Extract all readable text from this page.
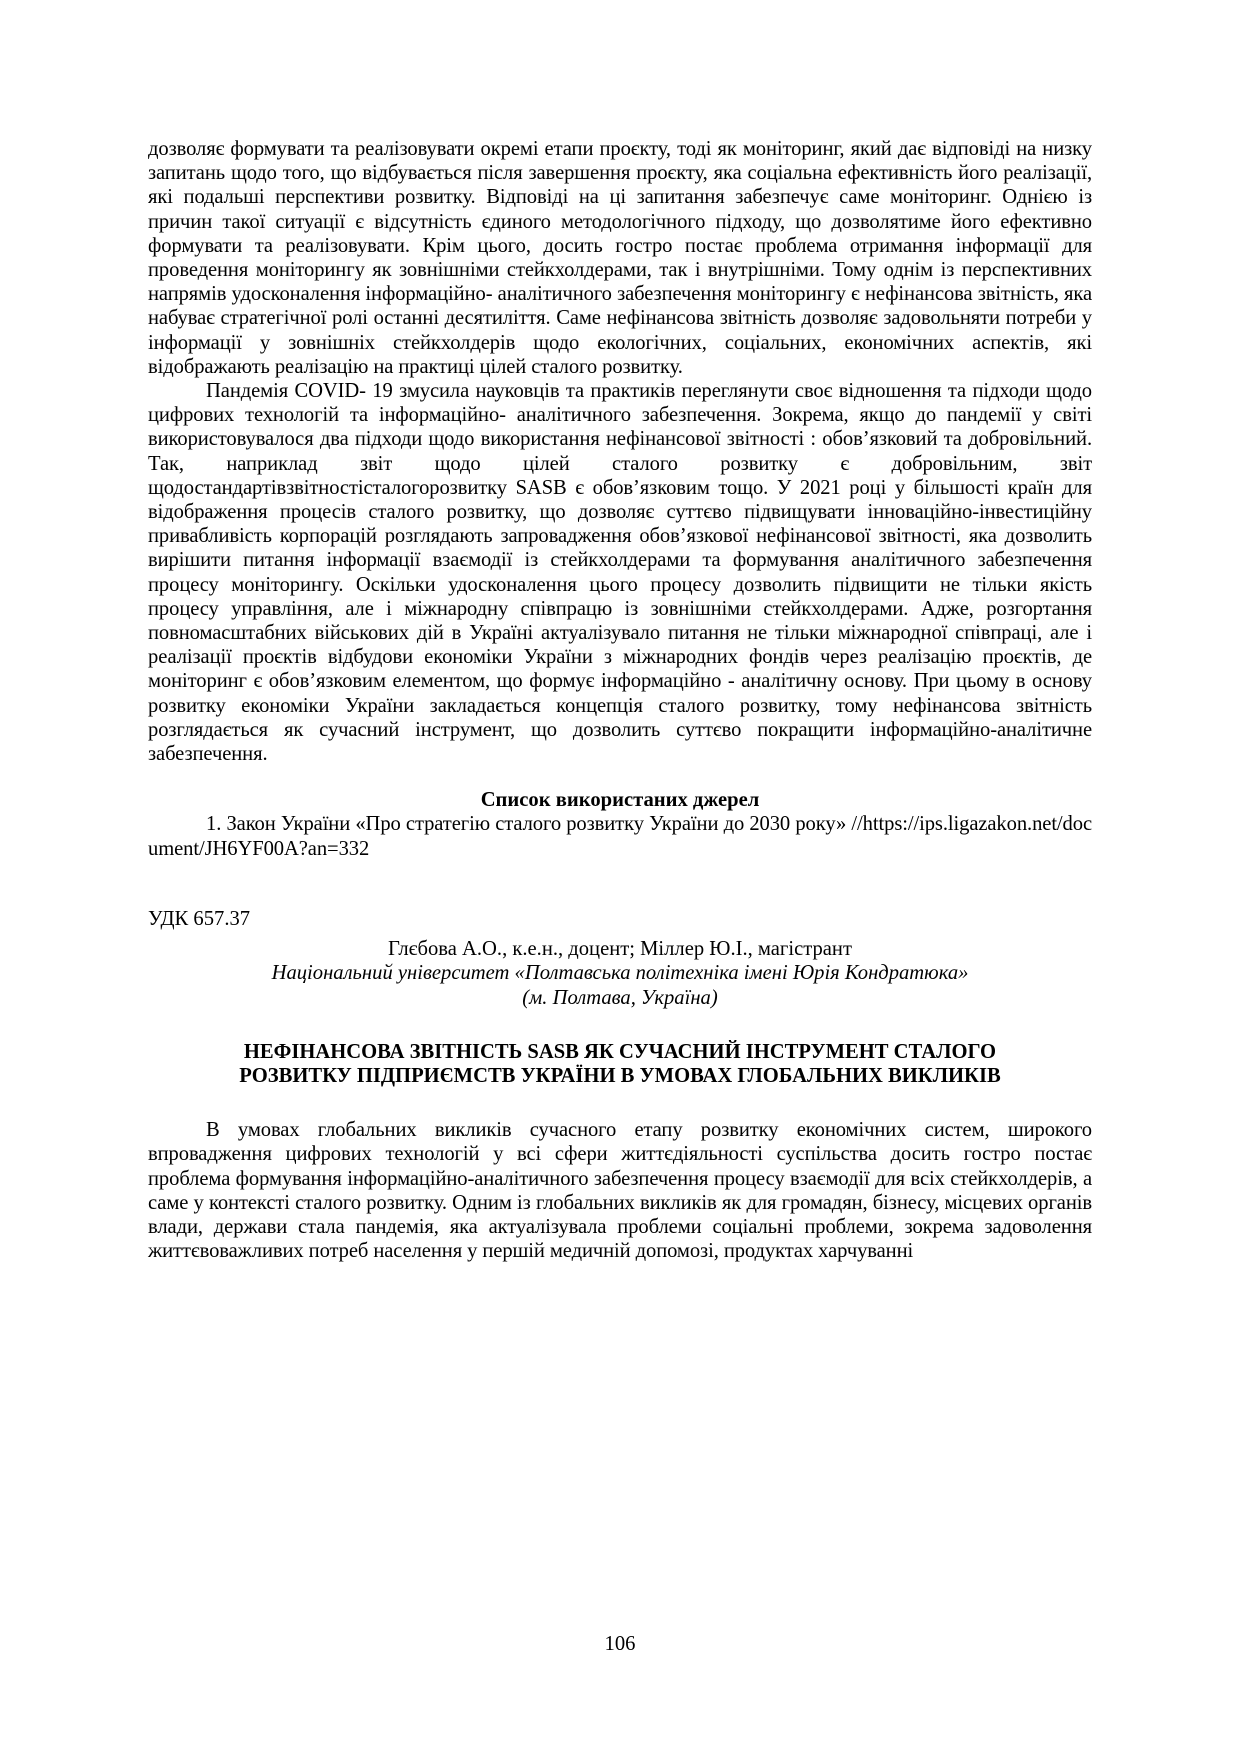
дозволяє формувати та реалізовувати окремі етапи проєкту, тоді як моніторинг, який дає відповіді на низку запитань щодо того, що відбувається після завершення проєкту, яка соціальна ефективність його реалізації, які подальші перспективи розвитку. Відповіді на ці запитання забезпечує саме моніторинг. Однією із причин такої ситуації є відсутність єдиного методологічного підходу, що дозволятиме його ефективно формувати та реалізовувати. Крім цього, досить гостро постає проблема отримання інформації для проведення моніторингу як зовнішніми стейкхолдерами, так і внутрішніми. Тому однім із перспективних напрямів удосконалення інформаційно- аналітичного забезпечення моніторингу є нефінансова звітність, яка набуває стратегічної ролі останні десятиліття. Саме нефінансова звітність дозволяє задовольняти потреби у інформації у зовнішніх стейкхолдерів щодо екологічних, соціальних, економічних аспектів, які відображають реалізацію на практиці цілей сталого розвитку.

Пандемія COVID- 19 змусила науковців та практиків переглянути своє відношення та підходи щодо цифрових технологій та інформаційно- аналітичного забезпечення. Зокрема, якщо до пандемії у світі використовувалося два підходи щодо використання нефінансової звітності : обов’язковий та добровільний. Так, наприклад звіт щодо цілей сталого розвитку є добровільним, звіт щодостандартівзвітностісталогорозвитку SASB є обов’язковим тощо. У 2021 році у більшості країн для відображення процесів сталого розвитку, що дозволяє суттєво підвищувати інноваційно-інвестиційну привабливість корпорацій розглядають запровадження обов’язкової нефінансової звітності, яка дозволить вирішити питання інформації взаємодії із стейкхолдерами та формування аналітичного забезпечення процесу моніторингу. Оскільки удосконалення цього процесу дозволить підвищити не тільки якість процесу управління, але і міжнародну співпрацю із зовнішніми стейкхолдерами. Адже, розгортання повномасштабних військових дій в Україні актуалізувало питання не тільки міжнародної співпраці, але і реалізації проєктів відбудови економіки України з міжнародних фондів через реалізацію проєктів, де моніторинг є обов’язковим елементом, що формує інформаційно - аналітичну основу. При цьому в основу розвитку економіки України закладається концепція сталого розвитку, тому нефінансова звітність розглядається як сучасний інструмент, що дозволить суттєво покращити інформаційно-аналітичне забезпечення.

Список використаних джерел

1. Закон України «Про стратегію сталого розвитку України до 2030 року» //https://ips.ligazakon.net/document/JH6YF00A?an=332

УДК 657.37
Глєбова А.О., к.е.н., доцент; Міллер Ю.І., магістрант
Національний університет «Полтавська політехніка імені Юрія Кондратюка»
(м. Полтава, Україна)
НЕФІНАНСОВА ЗВІТНІСТЬ SASB ЯК СУЧАСНИЙ ІНСТРУМЕНТ СТАЛОГО
РОЗВИТКУ ПІДПРИЄМСТВ УКРАЇНИ В УМОВАХ ГЛОБАЛЬНИХ ВИКЛИКІВ

В умовах глобальних викликів сучасного етапу розвитку економічних систем, широкого впровадження цифрових технологій у всі сфери життєдіяльності суспільства досить гостро постає проблема формування інформаційно-аналітичного забезпечення процесу взаємодії для всіх стейкхолдерів, а саме у контексті сталого розвитку. Одним із глобальних викликів як для громадян, бізнесу, місцевих органів влади, держави стала пандемія, яка актуалізувала проблеми соціальні проблеми, зокрема задоволення життєвоважливих потреб населення у першій медичній допомозі, продуктах харчуванні

106
